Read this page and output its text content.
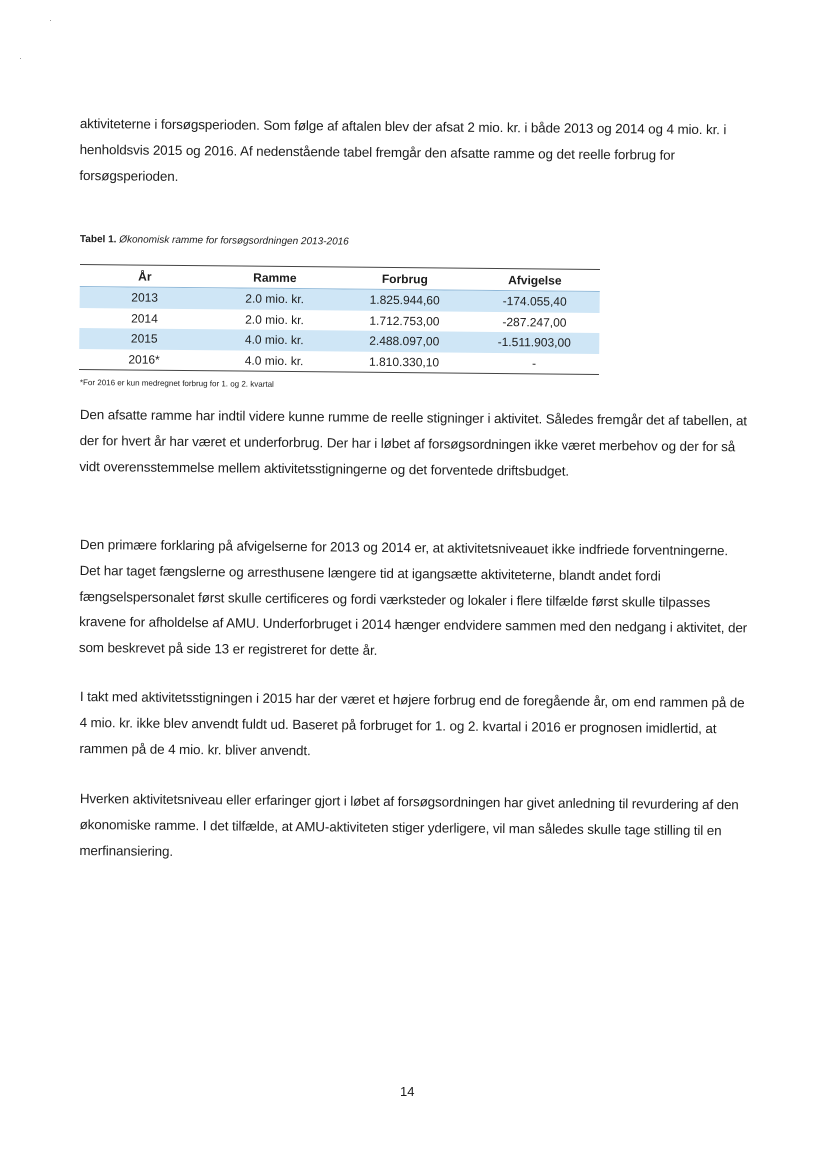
aktiviteterne i forsøgsperioden. Som følge af aftalen blev der afsat 2 mio. kr. i både 2013 og 2014 og 4 mio. kr. i henholdsvis 2015 og 2016. Af nedenstående tabel fremgår den afsatte ramme og det reelle forbrug for forsøgsperioden.

Tabel 1. Økonomisk ramme for forsøgsordningen 2013-2016
År	Ramme	Forbrug	Afvigelse
2013	2.0 mio. kr.	1.825.944,60	-174.055,40
2014	2.0 mio. kr.	1.712.753,00	-287.247,00
2015	4.0 mio. kr.	2.488.097,00	-1.511.903,00
2016*	4.0 mio. kr.	1.810.330,10	-
*For 2016 er kun medregnet forbrug for 1. og 2. kvartal

Den afsatte ramme har indtil videre kunne rumme de reelle stigninger i aktivitet. Således fremgår det af tabellen, at der for hvert år har været et underforbrug. Der har i løbet af forsøgsordningen ikke været merbehov og der for så vidt overensstemmelse mellem aktivitetsstigningerne og det forventede driftsbudget.

Den primære forklaring på afvigelserne for 2013 og 2014 er, at aktivitetsniveauet ikke indfriede forventningerne. Det har taget fængslerne og arresthusene længere tid at igangsætte aktiviteterne, blandt andet fordi fængselspersonalet først skulle certificeres og fordi værksteder og lokaler i flere tilfælde først skulle tilpasses kravene for afholdelse af AMU. Underforbruget i 2014 hænger endvidere sammen med den nedgang i aktivitet, der som beskrevet på side 13 er registreret for dette år.

I takt med aktivitetsstigningen i 2015 har der været et højere forbrug end de foregående år, om end rammen på de 4 mio. kr. ikke blev anvendt fuldt ud. Baseret på forbruget for 1. og 2. kvartal i 2016 er prognosen imidlertid, at rammen på de 4 mio. kr. bliver anvendt.

Hverken aktivitetsniveau eller erfaringer gjort i løbet af forsøgsordningen har givet anledning til revurdering af den økonomiske ramme. I det tilfælde, at AMU-aktiviteten stiger yderligere, vil man således skulle tage stilling til en merfinansiering.

14
